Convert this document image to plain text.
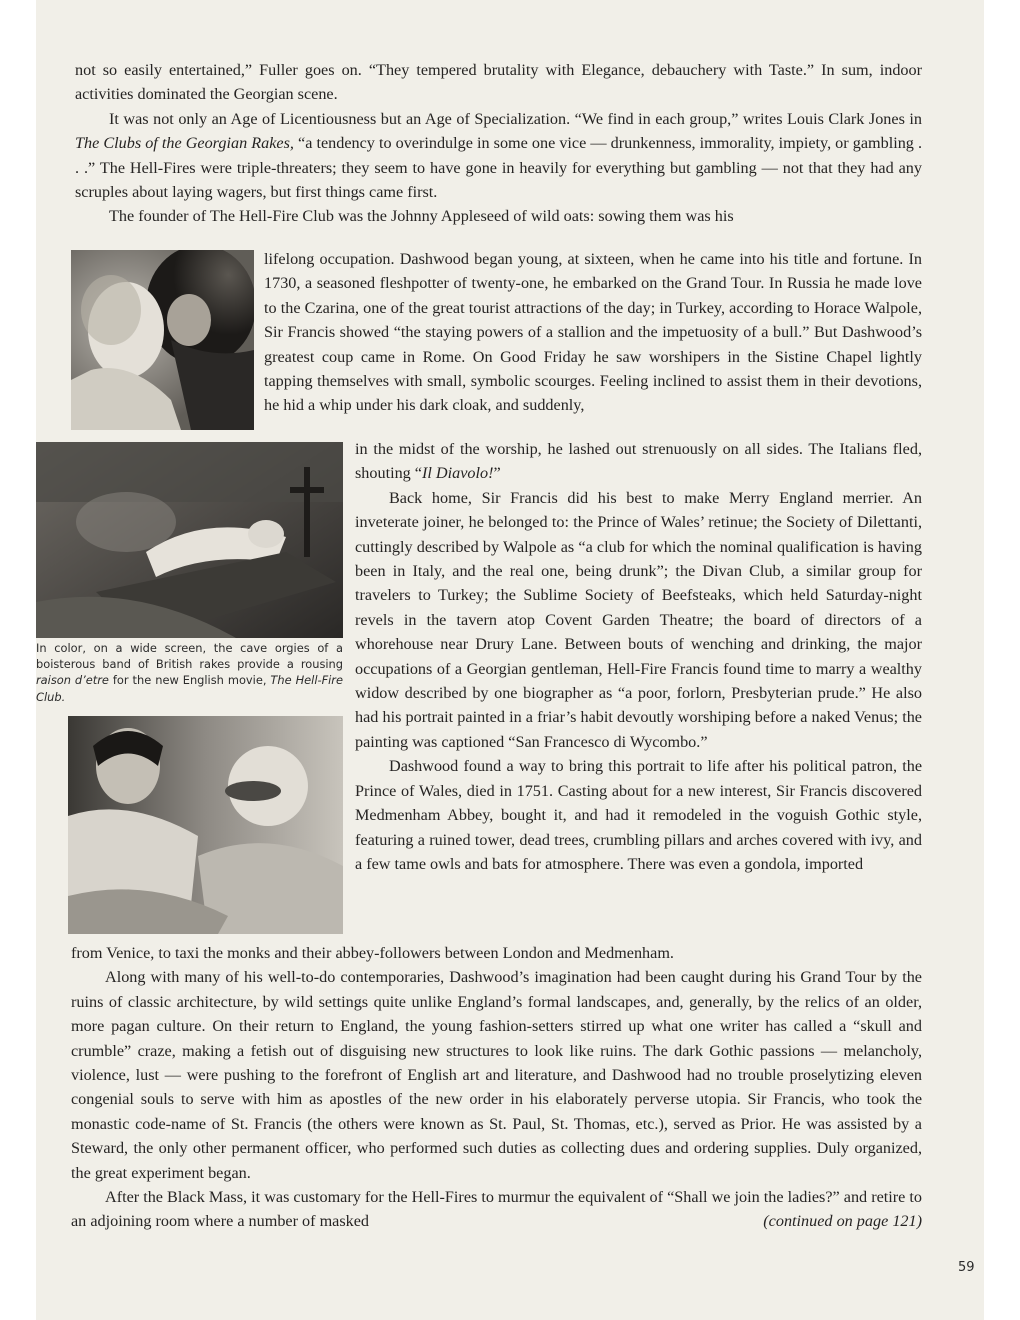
not so easily entertained,” Fuller goes on. “They tempered brutality with Elegance, debauchery with Taste.” In sum, indoor activities dominated the Georgian scene.

It was not only an Age of Licentiousness but an Age of Specialization. “We find in each group,” writes Louis Clark Jones in The Clubs of the Georgian Rakes, “a tendency to overindulge in some one vice — drunkenness, immorality, impiety, or gambling . . .” The Hell-Fires were triple-threaters; they seem to have gone in heavily for everything but gambling — not that they had any scruples about laying wagers, but first things came first.

The founder of The Hell-Fire Club was the Johnny Appleseed of wild oats: sowing them was his

In color, on a wide screen, the cave orgies of a boisterous band of British rakes provide a rousing raison d’etre for the new English movie, The Hell-Fire Club.

lifelong occupation. Dashwood began young, at sixteen, when he came into his title and fortune. In 1730, a seasoned fleshpotter of twenty-one, he embarked on the Grand Tour. In Russia he made love to the Czarina, one of the great tourist attractions of the day; in Turkey, according to Horace Walpole, Sir Francis showed “the staying powers of a stallion and the impetuosity of a bull.” But Dashwood’s greatest coup came in Rome. On Good Friday he saw worshipers in the Sistine Chapel lightly tapping themselves with small, symbolic scourges. Feeling inclined to assist them in their devotions, he hid a whip under his dark cloak, and suddenly,

in the midst of the worship, he lashed out strenuously on all sides. The Italians fled, shouting “Il Diavolo!”

Back home, Sir Francis did his best to make Merry England merrier. An inveterate joiner, he belonged to: the Prince of Wales’ retinue; the Society of Dilettanti, cuttingly described by Walpole as “a club for which the nominal qualification is having been in Italy, and the real one, being drunk”; the Divan Club, a similar group for travelers to Turkey; the Sublime Society of Beefsteaks, which held Saturday-night revels in the tavern atop Covent Garden Theatre; the board of directors of a whorehouse near Drury Lane. Between bouts of wenching and drinking, the major occupations of a Georgian gentleman, Hell-Fire Francis found time to marry a wealthy widow described by one biographer as “a poor, forlorn, Presbyterian prude.” He also had his portrait painted in a friar’s habit devoutly worshiping before a naked Venus; the painting was captioned “San Francesco di Wycombo.”

Dashwood found a way to bring this portrait to life after his political patron, the Prince of Wales, died in 1751. Casting about for a new interest, Sir Francis discovered Medmenham Abbey, bought it, and had it remodeled in the voguish Gothic style, featuring a ruined tower, dead trees, crumbling pillars and arches covered with ivy, and a few tame owls and bats for atmosphere. There was even a gondola, imported

from Venice, to taxi the monks and their abbey-followers between London and Medmenham.

Along with many of his well-to-do contemporaries, Dashwood’s imagination had been caught during his Grand Tour by the ruins of classic architecture, by wild settings quite unlike England’s formal landscapes, and, generally, by the relics of an older, more pagan culture. On their return to England, the young fashion-setters stirred up what one writer has called a “skull and crumble” craze, making a fetish out of disguising new structures to look like ruins. The dark Gothic passions — melancholy, violence, lust — were pushing to the forefront of English art and literature, and Dashwood had no trouble proselytizing eleven congenial souls to serve with him as apostles of the new order in his elaborately perverse utopia. Sir Francis, who took the monastic code-name of St. Francis (the others were known as St. Paul, St. Thomas, etc.), served as Prior. He was assisted by a Steward, the only other permanent officer, who performed such duties as collecting dues and ordering supplies. Duly organized, the great experiment began.

After the Black Mass, it was customary for the Hell-Fires to murmur the equivalent of “Shall we join the ladies?” and retire to an adjoining room where a number of masked	(continued on page 121)

59
